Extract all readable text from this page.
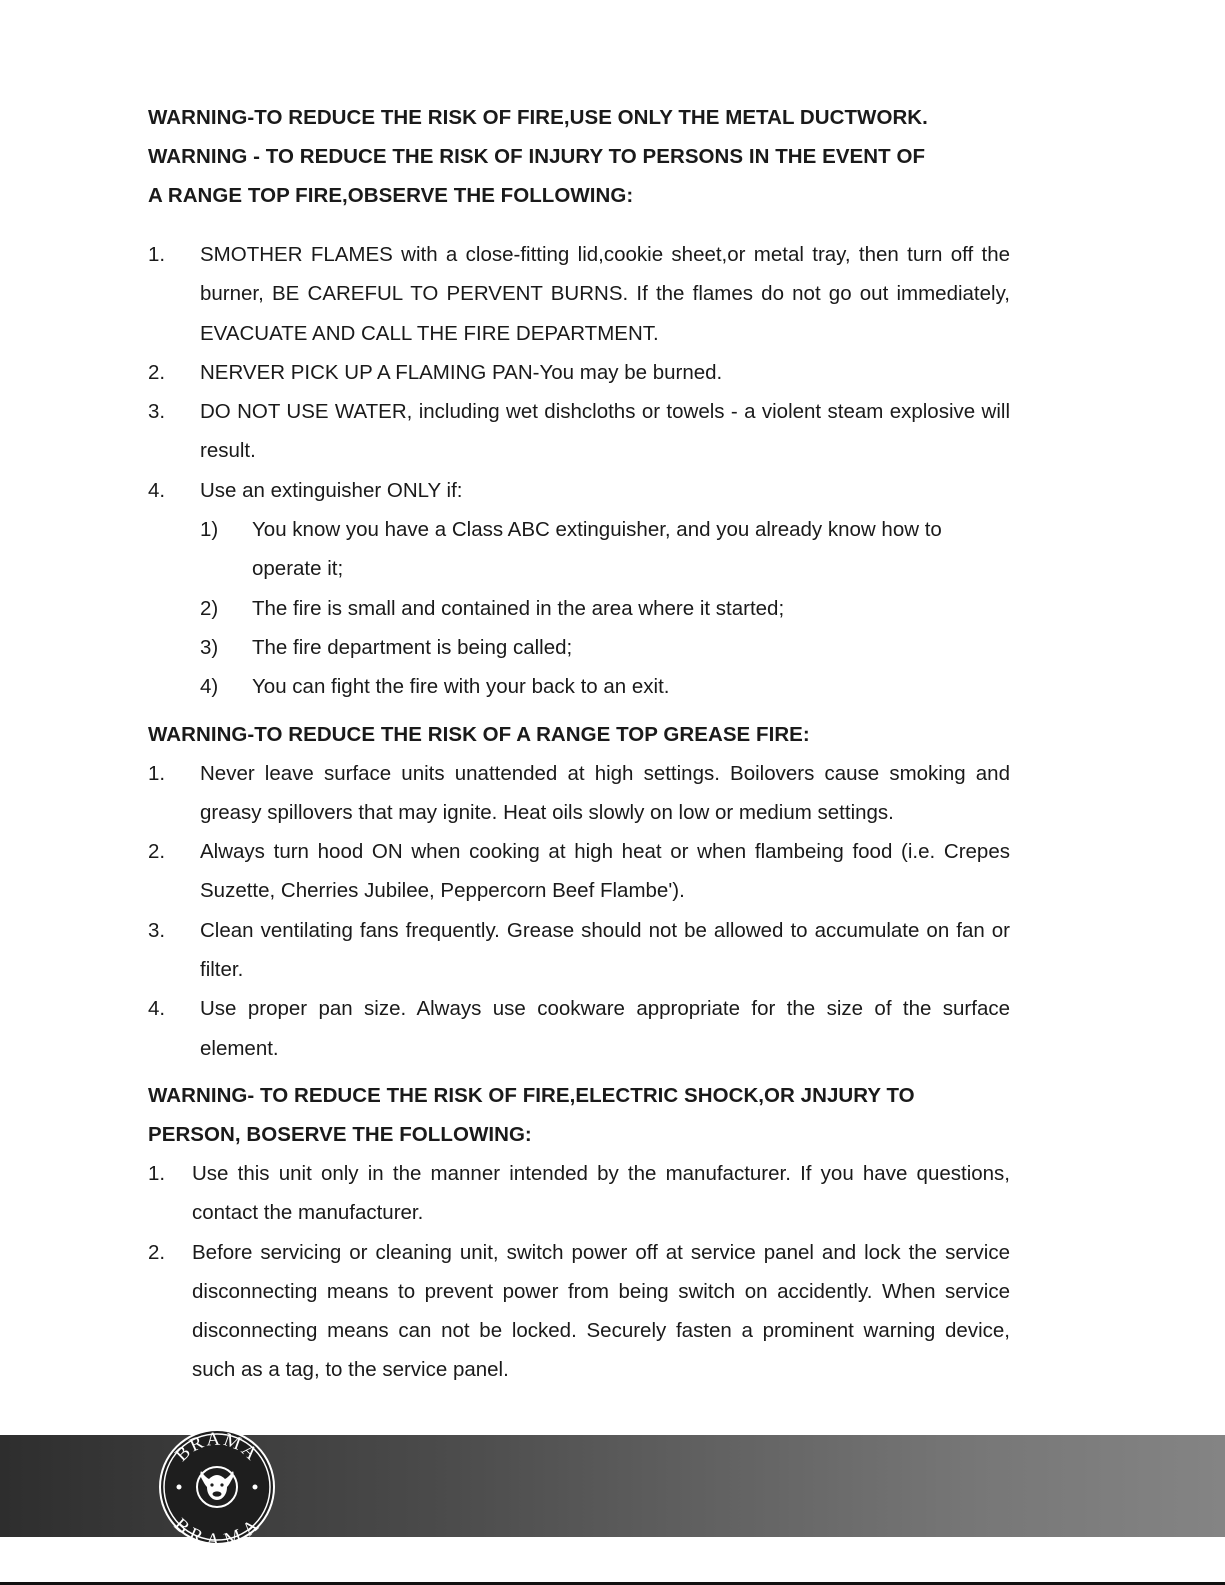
WARNING-TO REDUCE THE RISK OF FIRE,USE ONLY THE METAL DUCTWORK.

WARNING - TO REDUCE THE RISK OF INJURY TO PERSONS IN THE EVENT OF

A RANGE TOP FIRE,OBSERVE THE FOLLOWING:

1.	SMOTHER FLAMES with a close-fitting lid,cookie sheet,or metal tray, then turn off the burner, BE CAREFUL TO PERVENT BURNS. If the flames do not go out immediately, EVACUATE AND CALL THE FIRE DEPARTMENT.
2.	NERVER PICK UP A FLAMING PAN-You may be burned.
3.	DO NOT USE WATER, including wet dishcloths or towels - a violent steam explosive will result.
4.	Use an extinguisher ONLY if:
1)	You know you have a Class ABC extinguisher, and you already know how to operate it;
2)	The fire is small and contained in the area where it started;
3)	The fire department is being called;
4)	You can fight the fire with your back to an exit.

WARNING-TO REDUCE THE RISK OF A RANGE TOP GREASE FIRE:

1.	Never leave surface units unattended at high settings. Boilovers cause smoking and greasy spillovers that may ignite. Heat oils slowly on low or medium settings.
2.	Always turn hood ON when cooking at high heat or when flambeing food (i.e. Crepes Suzette, Cherries Jubilee, Peppercorn Beef Flambe').
3.	Clean ventilating fans frequently. Grease should not be allowed to accumulate on fan or filter.
4.	Use proper pan size. Always use cookware appropriate for the size of the surface element.

WARNING- TO REDUCE THE RISK OF FIRE,ELECTRIC SHOCK,OR JNJURY TO

PERSON, BOSERVE THE FOLLOWING:

1.	Use this unit only in the manner intended by the manufacturer. If you have questions, contact the manufacturer.
2.	Before servicing or cleaning unit, switch power off at service panel and lock the service disconnecting means to prevent power from being switch on accidently. When service disconnecting means can not be locked. Securely fasten a prominent warning device, such as a tag, to the service panel.
BRAMA
BRAMA
